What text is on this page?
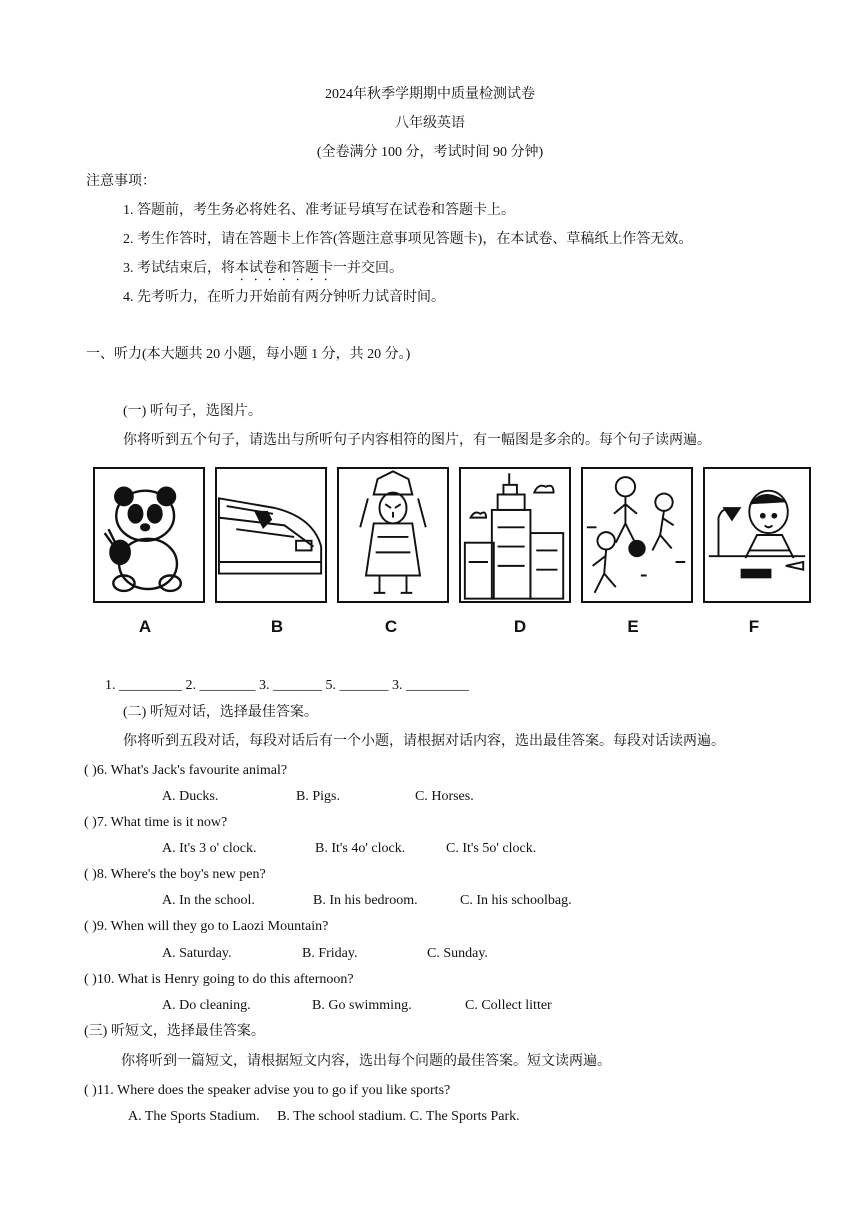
2024年秋季学期期中质量检测试卷
八年级英语
(全卷满分 100 分，考试时间 90 分钟)
注意事项：
1. 答题前，考生务必将姓名、准考证号填写在试卷和答题卡上。
2. 考生作答时，请在答题卡上作答(答题注意事项见答题卡)，在本试卷、草稿纸上作答无效。
3. 考试结束后，将本试卷和答题卡一并交回。
4. 先考听力，在听力开始前有两分钟听力试音时间。
一、听力(本大题共 20 小题，每小题 1 分，共 20 分。)
(一) 听句子，选图片。
你将听到五个句子，请选出与所听句子内容相符的图片，有一幅图是多余的。每个句子读两遍。
A	B	C	D	E	F
1. _________ 2. ________ 3. _______ 5. _______ 3. _________
(二) 听短对话，选择最佳答案。
你将听到五段对话，每段对话后有一个小题，请根据对话内容，选出最佳答案。每段对话读两遍。
( )6. What's Jack's favourite animal?
A. Ducks.	B. Pigs.	C. Horses.
( )7. What time is it now?
A. It's 3 o' clock.	B. It's 4o' clock.	C. It's 5o' clock.
( )8. Where's the boy's new pen?
A. In the school.	B. In his bedroom.	C. In his schoolbag.
( )9. When will they go to Laozi Mountain?
A. Saturday.	B. Friday.	C. Sunday.
( )10. What is Henry going to do this afternoon?
A. Do cleaning.	B. Go swimming.	C. Collect litter
(三) 听短文，选择最佳答案。
你将听到一篇短文，请根据短文内容，选出每个问题的最佳答案。短文读两遍。
( )11. Where does the speaker advise you to go if you like sports?
A. The Sports Stadium.     B. The school stadium. C. The Sports Park.
